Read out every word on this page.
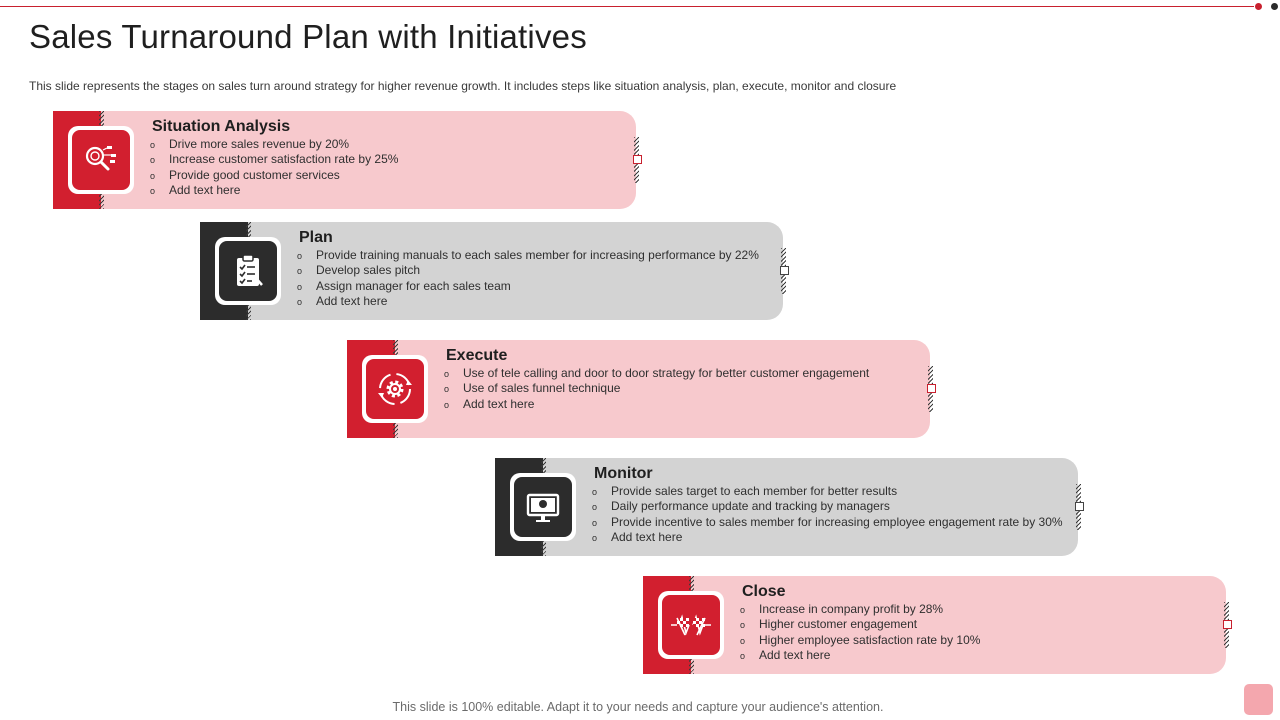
Sales Turnaround Plan with Initiatives
This slide represents the stages on sales turn around strategy for higher revenue growth. It includes steps like situation analysis, plan, execute, monitor and closure
Situation Analysis
o Drive more sales revenue by 20%
o Increase customer satisfaction rate by 25%
o Provide good customer services
o Add text here
Plan
o Provide training manuals to each sales member for increasing performance by 22%
o Develop sales pitch
o Assign manager for each sales team
o Add text here
Execute
o Use of tele calling and door to door strategy for better customer engagement
o Use of sales funnel technique
o Add text here
Monitor
o Provide sales target to each member for better results
o Daily performance update and tracking by managers
o Provide incentive to sales member for increasing employee engagement rate by 30%
o Add text here
Close
o Increase in company profit by 28%
o Higher customer engagement
o Higher employee satisfaction rate by 10%
o Add text here
This slide is 100% editable. Adapt it to your needs and capture your audience's attention.
